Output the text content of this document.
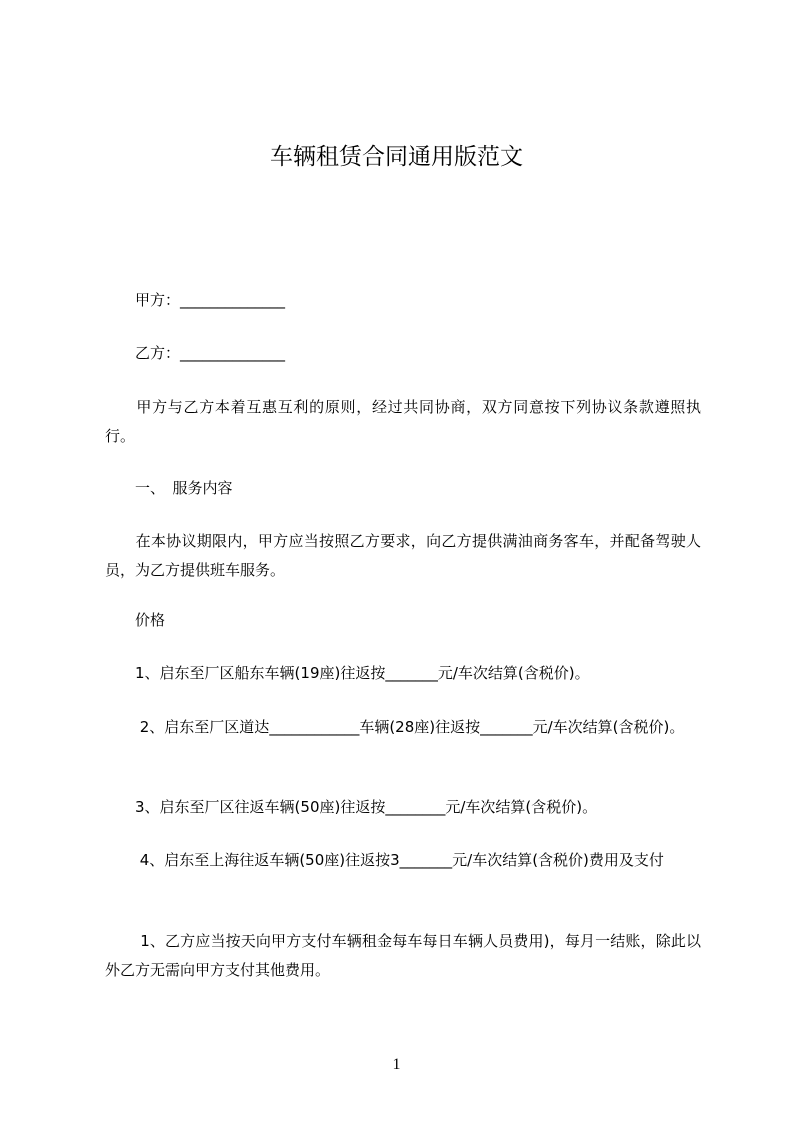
车辆租赁合同通用版范文

　　甲方：______________

　　乙方：______________

　　甲方与乙方本着互惠互利的原则，经过共同协商，双方同意按下列协议条款遵照执行。

　　一、　服务内容

　　在本协议期限内，甲方应当按照乙方要求，向乙方提供满油商务客车，并配备驾驶人员，为乙方提供班车服务。

　　价格

　　1、启东至厂区船东车辆(19座)往返按_______元/车次结算(含税价)。

　　 2、启东至厂区道达____________车辆(28座)往返按_______元/车次结算(含税价)。

　　3、启东至厂区往返车辆(50座)往返按________元/车次结算(含税价)。

　　 4、启东至上海往返车辆(50座)往返按3_______元/车次结算(含税价)费用及支付

　　 1、乙方应当按天向甲方支付车辆租金每车每日车辆人员费用)，每月一结账，除此以外乙方无需向甲方支付其他费用。

1
